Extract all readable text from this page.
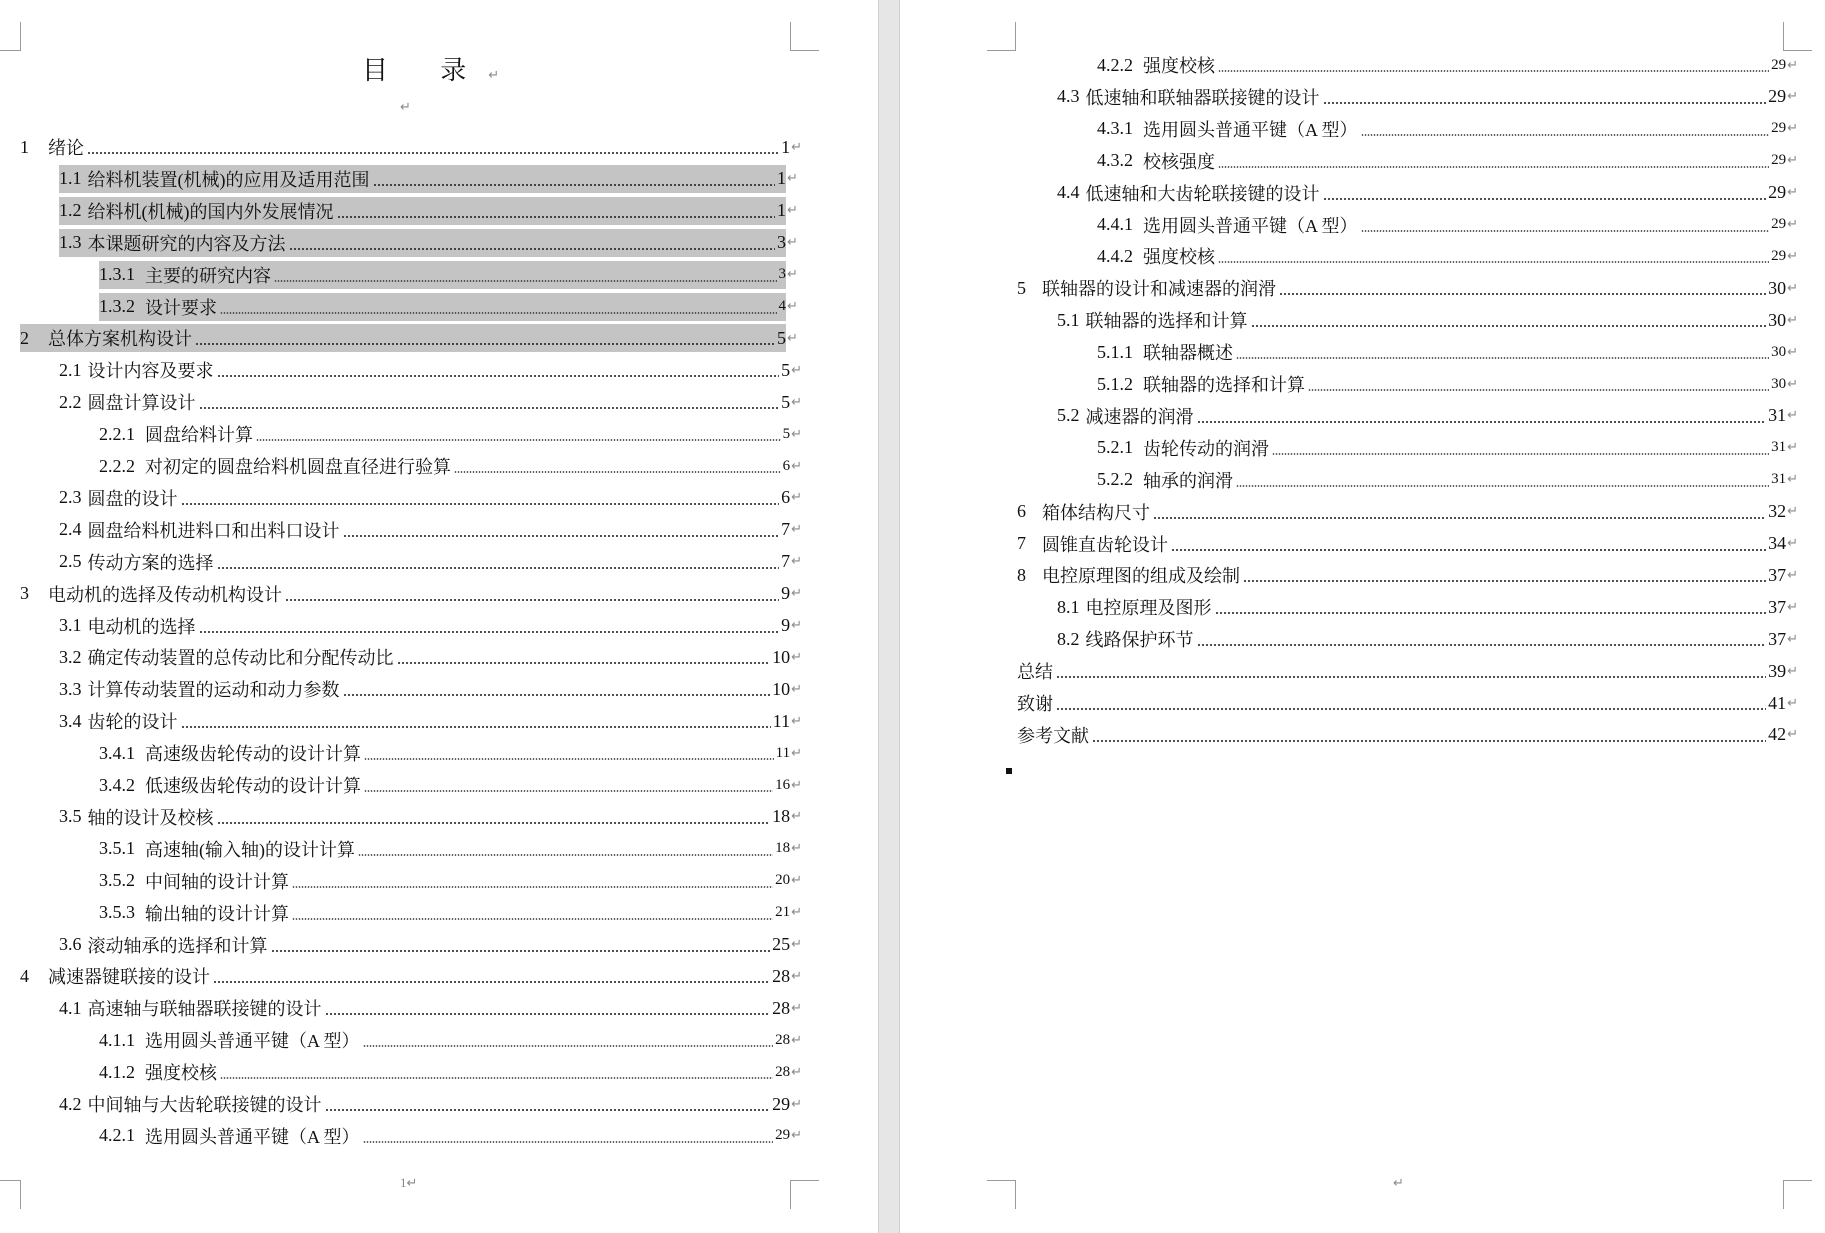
目 录↵
↵
1 绪论	1 ↵
1.1 给料机装置(机械)的应用及适用范围	1 ↵
1.2 给料机(机械)的国内外发展情况	1 ↵
1.3 本课题研究的内容及方法	3 ↵
1.3.1 主要的研究内容	3 ↵
1.3.2 设计要求	4 ↵
2 总体方案机构设计	5 ↵
2.1 设计内容及要求	5 ↵
2.2 圆盘计算设计	5 ↵
2.2.1 圆盘给料计算	5 ↵
2.2.2 对初定的圆盘给料机圆盘直径进行验算	6 ↵
2.3 圆盘的设计	6 ↵
2.4 圆盘给料机进料口和出料口设计	7 ↵
2.5 传动方案的选择	7 ↵
3 电动机的选择及传动机构设计	9 ↵
3.1 电动机的选择	9 ↵
3.2 确定传动装置的总传动比和分配传动比	10 ↵
3.3 计算传动装置的运动和动力参数	10 ↵
3.4 齿轮的设计	11 ↵
3.4.1 高速级齿轮传动的设计计算	11 ↵
3.4.2 低速级齿轮传动的设计计算	16 ↵
3.5 轴的设计及校核	18 ↵
3.5.1 高速轴(输入轴)的设计计算	18 ↵
3.5.2 中间轴的设计计算	20 ↵
3.5.3 输出轴的设计计算	21 ↵
3.6 滚动轴承的选择和计算	25 ↵
4 减速器键联接的设计	28 ↵
4.1 高速轴与联轴器联接键的设计	28 ↵
4.1.1 选用圆头普通平键（A 型）	28 ↵
4.1.2 强度校核	28 ↵
4.2 中间轴与大齿轮联接键的设计	29 ↵
4.2.1 选用圆头普通平键（A 型）	29 ↵
1↵
4.2.2 强度校核	29 ↵
4.3 低速轴和联轴器联接键的设计	29 ↵
4.3.1 选用圆头普通平键（A 型）	29 ↵
4.3.2 校核强度	29 ↵
4.4 低速轴和大齿轮联接键的设计	29 ↵
4.4.1 选用圆头普通平键（A 型）	29 ↵
4.4.2 强度校核	29 ↵
5 联轴器的设计和减速器的润滑	30 ↵
5.1 联轴器的选择和计算	30 ↵
5.1.1 联轴器概述	30 ↵
5.1.2 联轴器的选择和计算	30 ↵
5.2 减速器的润滑	31 ↵
5.2.1 齿轮传动的润滑	31 ↵
5.2.2 轴承的润滑	31 ↵
6 箱体结构尺寸	32 ↵
7 圆锥直齿轮设计	34 ↵
8 电控原理图的组成及绘制	37 ↵
8.1 电控原理及图形	37 ↵
8.2 线路保护环节	37 ↵
总结	39 ↵
致谢	41 ↵
参考文献	42 ↵
↵
